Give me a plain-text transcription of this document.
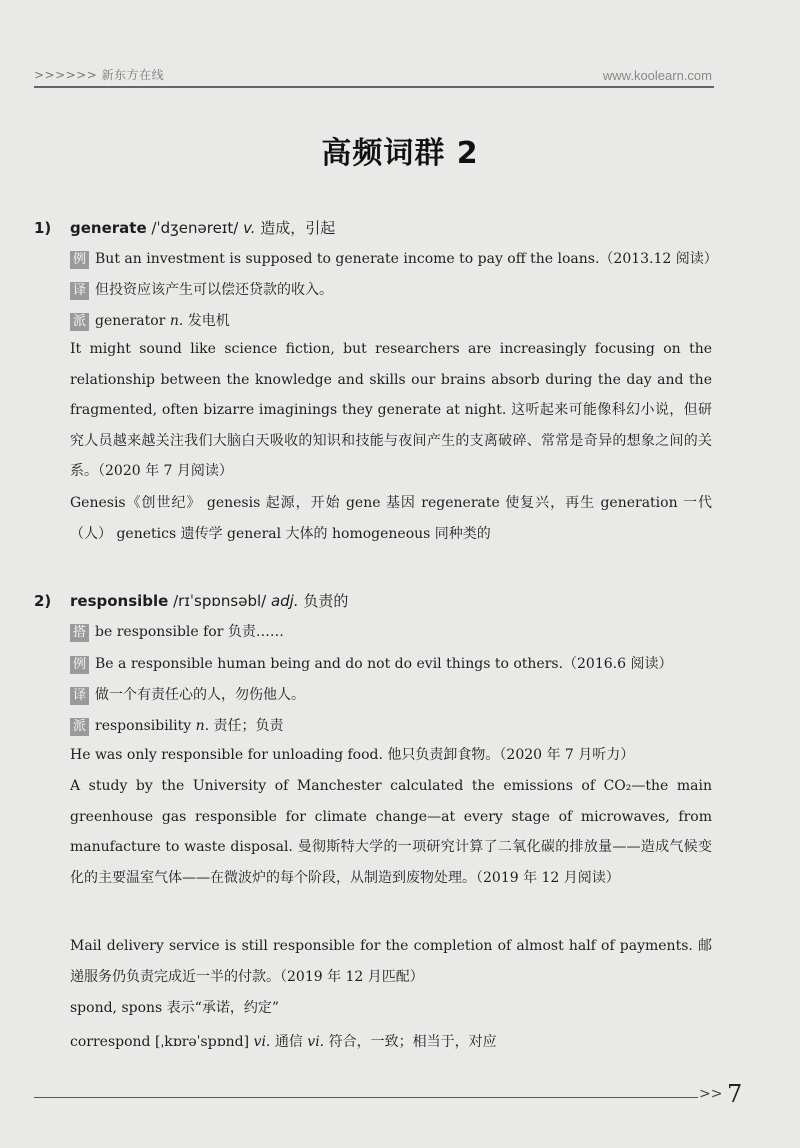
>>>>>> 新东方在线	www.koolearn.com
高频词群 2
1) generate /ˈdʒenəreɪt/ v. 造成，引起
例 But an investment is supposed to generate income to pay off the loans.（2013.12 阅读）
译 但投资应该产生可以偿还贷款的收入。
派 generator n. 发电机
It might sound like science fiction, but researchers are increasingly focusing on the relationship between the knowledge and skills our brains absorb during the day and the fragmented, often bizarre imaginings they generate at night. 这听起来可能像科幻小说，但研究人员越来越关注我们大脑白天吸收的知识和技能与夜间产生的支离破碎、常常是奇异的想象之间的关系。（2020 年 7 月阅读）
Genesis《创世纪》 genesis 起源，开始 gene 基因 regenerate 使复兴，再生 generation 一代（人） genetics 遗传学 general 大体的 homogeneous 同种类的
2) responsible /rɪˈspɒnsəbl/ adj. 负责的
搭 be responsible for 负责……
例 Be a responsible human being and do not do evil things to others.（2016.6 阅读）
译 做一个有责任心的人，勿伤他人。
派 responsibility n. 责任；负责
He was only responsible for unloading food. 他只负责卸食物。（2020 年 7 月听力）
A study by the University of Manchester calculated the emissions of CO₂—the main greenhouse gas responsible for climate change—at every stage of microwaves, from manufacture to waste disposal. 曼彻斯特大学的一项研究计算了二氧化碳的排放量——造成气候变化的主要温室气体——在微波炉的每个阶段，从制造到废物处理。（2019 年 12 月阅读）
Mail delivery service is still responsible for the completion of almost half of payments. 邮递服务仍负责完成近一半的付款。（2019 年 12 月匹配）
spond, spons 表示“承诺，约定”
correspond [ˌkɒrəˈspɒnd] vi. 通信 vi. 符合，一致；相当于，对应
>> 7
